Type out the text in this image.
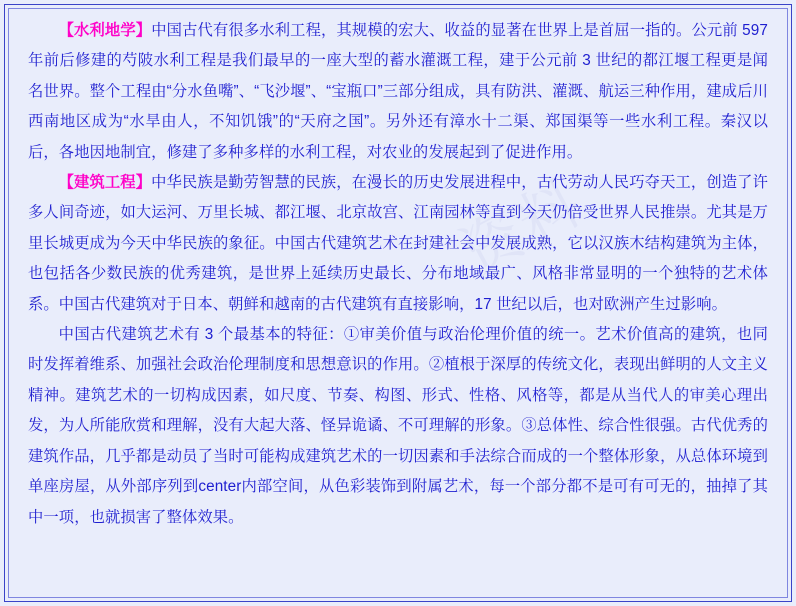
资料

【水利地学】中国古代有很多水利工程，其规模的宏大、收益的显著在世界上是首屈一指的。公元前 597 年前后修建的芍陂水利工程是我们最早的一座大型的蓄水灌溉工程，建于公元前 3 世纪的都江堰工程更是闻名世界。整个工程由“分水鱼嘴”、“飞沙堰”、“宝瓶口”三部分组成，具有防洪、灌溉、航运三种作用，建成后川西南地区成为“水旱由人，不知饥饿”的“天府之国”。另外还有漳水十二渠、郑国渠等一些水利工程。秦汉以后，各地因地制宜，修建了多种多样的水利工程，对农业的发展起到了促进作用。

【建筑工程】中华民族是勤劳智慧的民族，在漫长的历史发展进程中，古代劳动人民巧夺天工，创造了许多人间奇迹，如大运河、万里长城、都江堰、北京故宫、江南园林等直到今天仍倍受世界人民推崇。尤其是万里长城更成为今天中华民族的象征。中国古代建筑艺术在封建社会中发展成熟，它以汉族木结构建筑为主体，也包括各少数民族的优秀建筑，是世界上延续历史最长、分布地域最广、风格非常显明的一个独特的艺术体系。中国古代建筑对于日本、朝鲜和越南的古代建筑有直接影响，17 世纪以后，也对欧洲产生过影响。

中国古代建筑艺术有 3 个最基本的特征：①审美价值与政治伦理价值的统一。艺术价值高的建筑，也同时发挥着维系、加强社会政治伦理制度和思想意识的作用。②植根于深厚的传统文化，表现出鲜明的人文主义精神。建筑艺术的一切构成因素，如尺度、节奏、构图、形式、性格、风格等，都是从当代人的审美心理出发，为人所能欣赏和理解，没有大起大落、怪异诡谲、不可理解的形象。③总体性、综合性很强。古代优秀的建筑作品，几乎都是动员了当时可能构成建筑艺术的一切因素和手法综合而成的一个整体形象，从总体环境到单座房屋，从外部序列到center内部空间，从色彩装饰到附属艺术，每一个部分都不是可有可无的，抽掉了其中一项，也就损害了整体效果。
